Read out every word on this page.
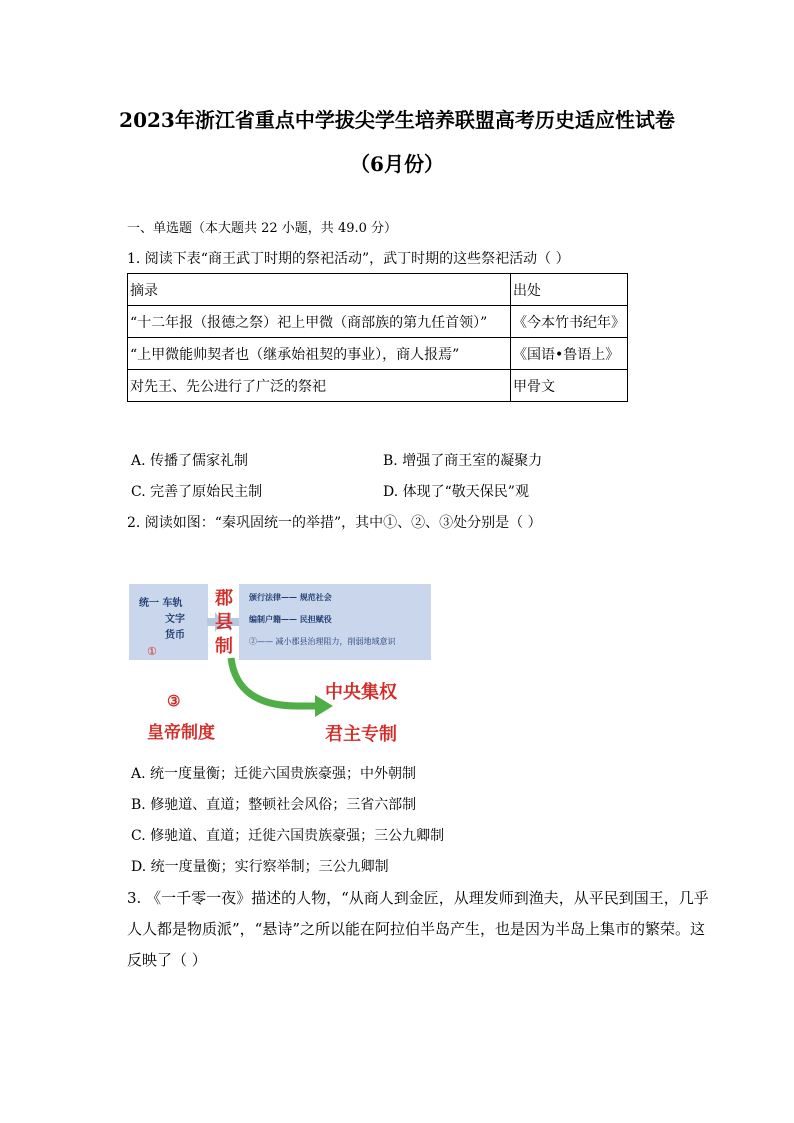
2023年浙江省重点中学拔尖学生培养联盟高考历史适应性试卷
（6月份）
一、单选题（本大题共 22 小题，共 49.0 分）
1. 阅读下表“商王武丁时期的祭祀活动”，武丁时期的这些祭祀活动（ ）
摘录	出处
“十二年报（报德之祭）祀上甲微（商部族的第九任首领）”	《今本竹书纪年》
“上甲微能帅契者也（继承始祖契的事业），商人报焉”	《国语•鲁语上》
对先王、先公进行了广泛的祭祀	甲骨文
A. 传播了儒家礼制	B. 增强了商王室的凝聚力
C. 完善了原始民主制	D. 体现了“敬天保民”观
2. 阅读如图：“秦巩固统一的举措”，其中①、②、③处分别是（ ）
统一 车轨
文字
货币
①
郡
县
制
颁行法律—— 规范社会
编制户籍—— 民担赋役
②—— 减小郡县治理阻力，削弱地域意识
③
皇帝制度
中央集权
君主专制
A. 统一度量衡；迁徙六国贵族豪强；中外朝制
B. 修驰道、直道；整顿社会风俗；三省六部制
C. 修驰道、直道；迁徙六国贵族豪强；三公九卿制
D. 统一度量衡；实行察举制；三公九卿制
3. 《一千零一夜》描述的人物，“从商人到金匠，从理发师到渔夫，从平民到国王，几乎
人人都是物质派”，“悬诗”之所以能在阿拉伯半岛产生，也是因为半岛上集市的繁荣。这
反映了（ ）
